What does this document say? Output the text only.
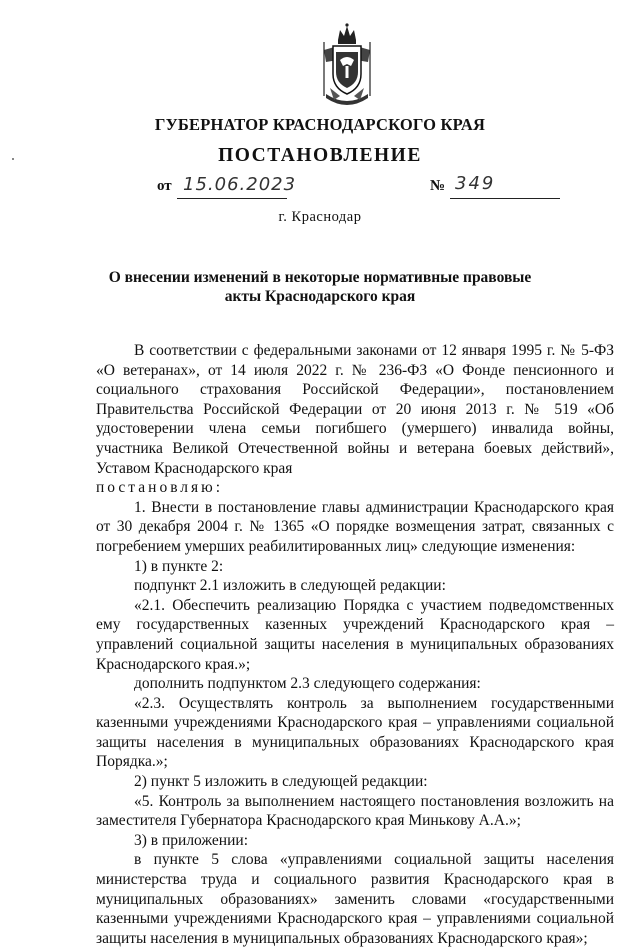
ГУБЕРНАТОР КРАСНОДАРСКОГО КРАЯ
ПОСТАНОВЛЕНИЕ
от 15.06.2023	№ 349
г. Краснодар
О внесении изменений в некоторые нормативные правовые акты Краснодарского края

В соответствии с федеральными законами от 12 января 1995 г. № 5-ФЗ «О ветеранах», от 14 июля 2022 г. № 236-ФЗ «О Фонде пенсионного и социального страхования Российской Федерации», постановлением Правительства Российской Федерации от 20 июня 2013 г. № 519 «Об удостоверении члена семьи погибшего (умершего) инвалида войны, участника Великой Отечественной войны и ветерана боевых действий», Уставом Краснодарского края

постановляю:

1. Внести в постановление главы администрации Краснодарского края от 30 декабря 2004 г. № 1365 «О порядке возмещения затрат, связанных с погребением умерших реабилитированных лиц» следующие изменения:

1) в пункте 2:

подпункт 2.1 изложить в следующей редакции:

«2.1. Обеспечить реализацию Порядка с участием подведомственных ему государственных казенных учреждений Краснодарского края – управлений социальной защиты населения в муниципальных образованиях Краснодарского края.»;

дополнить подпунктом 2.3 следующего содержания:

«2.3. Осуществлять контроль за выполнением государственными казенными учреждениями Краснодарского края – управлениями социальной защиты населения в муниципальных образованиях Краснодарского края Порядка.»;

2) пункт 5 изложить в следующей редакции:

«5. Контроль за выполнением настоящего постановления возложить на заместителя Губернатора Краснодарского края Минькову А.А.»;

3) в приложении:

в пункте 5 слова «управлениями социальной защиты населения министерства труда и социального развития Краснодарского края в муниципальных образованиях» заменить словами «государственными казенными учреждениями Краснодарского края – управлениями социальной защиты населения в муниципальных образованиях Краснодарского края»;
